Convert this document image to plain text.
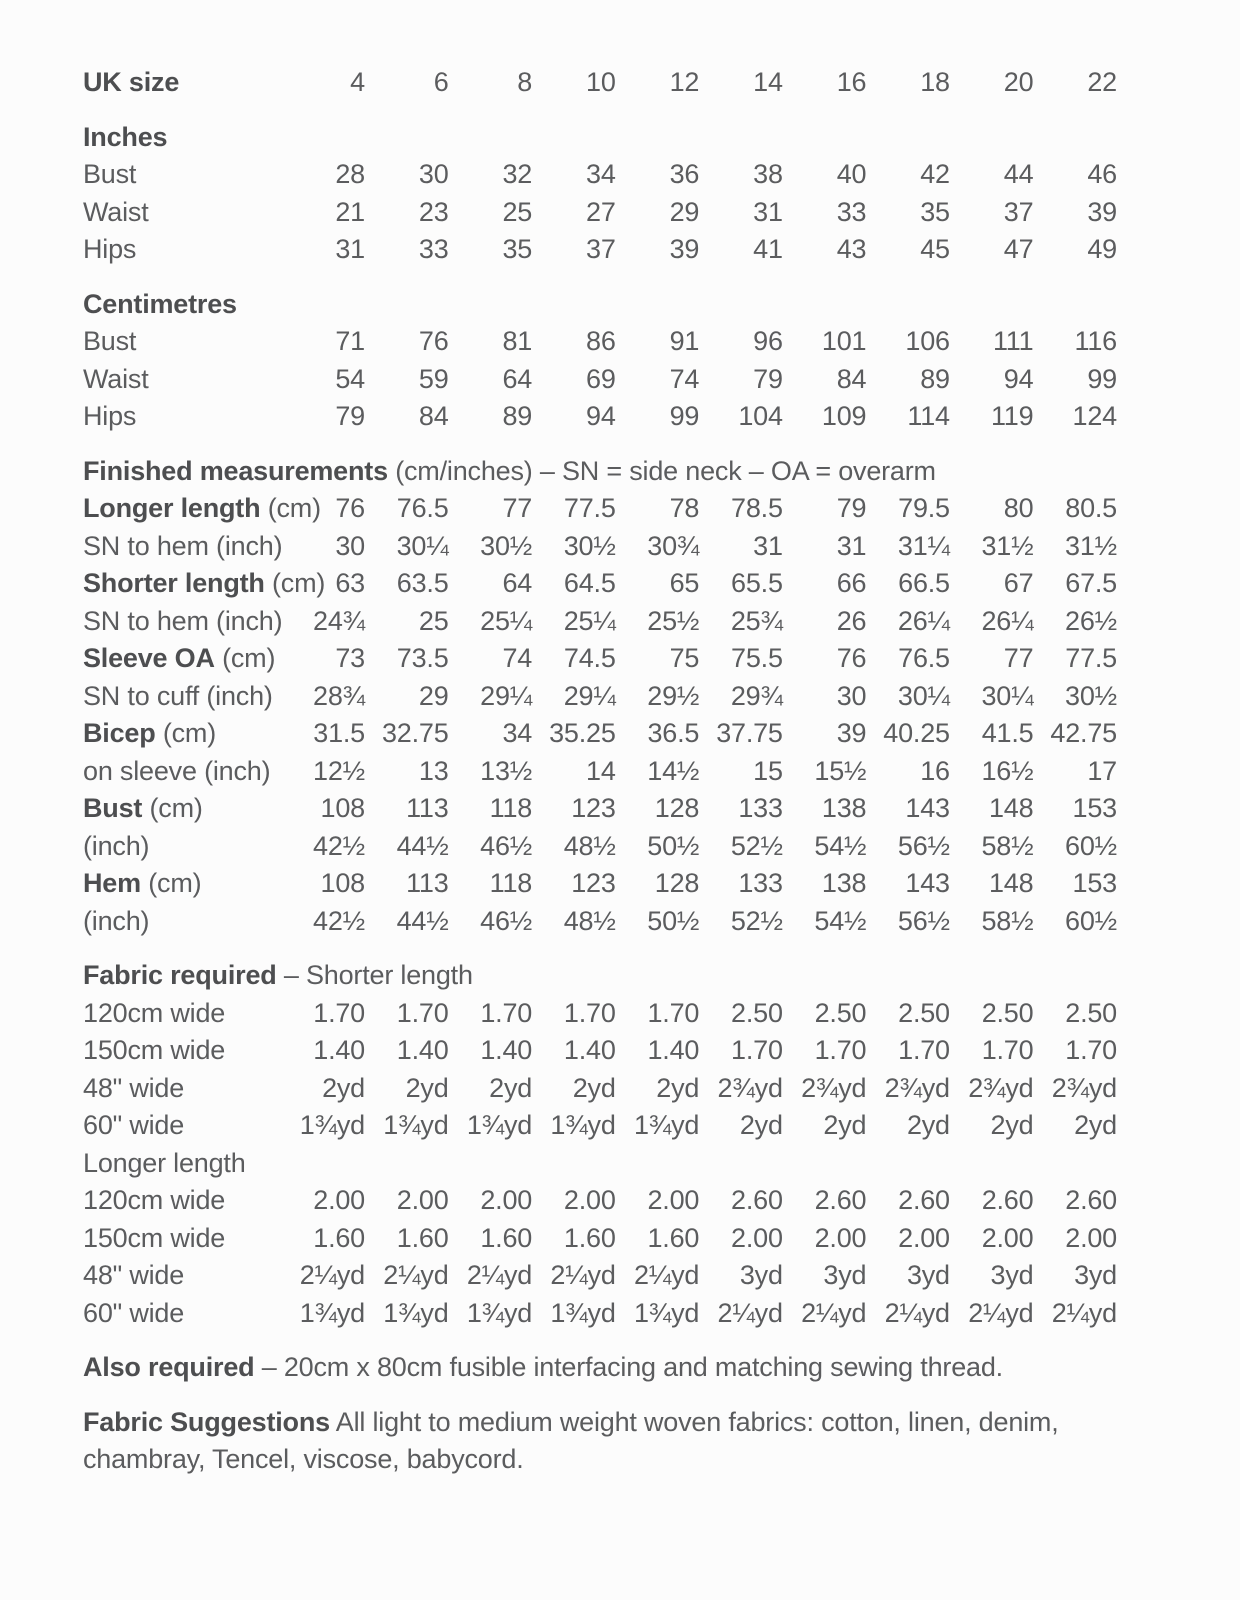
UK size	4	6	8	10	12	14	16	18	20	22
Inches
Bust	28	30	32	34	36	38	40	42	44	46
Waist	21	23	25	27	29	31	33	35	37	39
Hips	31	33	35	37	39	41	43	45	47	49
Centimetres
Bust	71	76	81	86	91	96	101	106	111	116
Waist	54	59	64	69	74	79	84	89	94	99
Hips	79	84	89	94	99	104	109	114	119	124
Finished measurements (cm/inches) – SN = side neck – OA = overarm
Longer length (cm) 76	76.5	77	77.5	78	78.5	79	79.5	80	80.5
SN to hem (inch)	30	30¼	30½	30½	30¾	31	31	31¼	31½	31½
Shorter length (cm) 63	63.5	64	64.5	65	65.5	66	66.5	67	67.5
SN to hem (inch)	24¾	25	25¼	25¼	25½	25¾	26	26¼	26¼	26½
Sleeve OA (cm)	73	73.5	74	74.5	75	75.5	76	76.5	77	77.5
SN to cuff (inch)	28¾	29	29¼	29¼	29½	29¾	30	30¼	30¼	30½
Bicep (cm)	31.5 32.75	34 35.25	36.5 37.75	39 40.25	41.5 42.75
on sleeve (inch)	12½	13	13½	14	14½	15	15½	16	16½	17
Bust (cm)	108	113	118	123	128	133	138	143	148	153
(inch)	42½	44½	46½	48½	50½	52½	54½	56½	58½	60½
Hem (cm)	108	113	118	123	128	133	138	143	148	153
(inch)	42½	44½	46½	48½	50½	52½	54½	56½	58½	60½
Fabric required – Shorter length
120cm wide	1.70	1.70	1.70	1.70	1.70	2.50	2.50	2.50	2.50	2.50
150cm wide	1.40	1.40	1.40	1.40	1.40	1.70	1.70	1.70	1.70	1.70
48" wide	2yd	2yd	2yd	2yd	2yd 2¾yd 2¾yd 2¾yd 2¾yd 2¾yd
60" wide	1¾yd 1¾yd 1¾yd 1¾yd 1¾yd	2yd	2yd	2yd	2yd	2yd
Longer length
120cm wide	2.00	2.00	2.00	2.00	2.00	2.60	2.60	2.60	2.60	2.60
150cm wide	1.60	1.60	1.60	1.60	1.60	2.00	2.00	2.00	2.00	2.00
48" wide	2¼yd 2¼yd 2¼yd 2¼yd 2¼yd	3yd	3yd	3yd	3yd	3yd
60" wide	1¾yd 1¾yd 1¾yd 1¾yd 1¾yd 2¼yd 2¼yd 2¼yd 2¼yd 2¼yd

Also required – 20cm x 80cm fusible interfacing and matching sewing thread.

Fabric Suggestions All light to medium weight woven fabrics: cotton, linen, denim, chambray, Tencel, viscose, babycord.
